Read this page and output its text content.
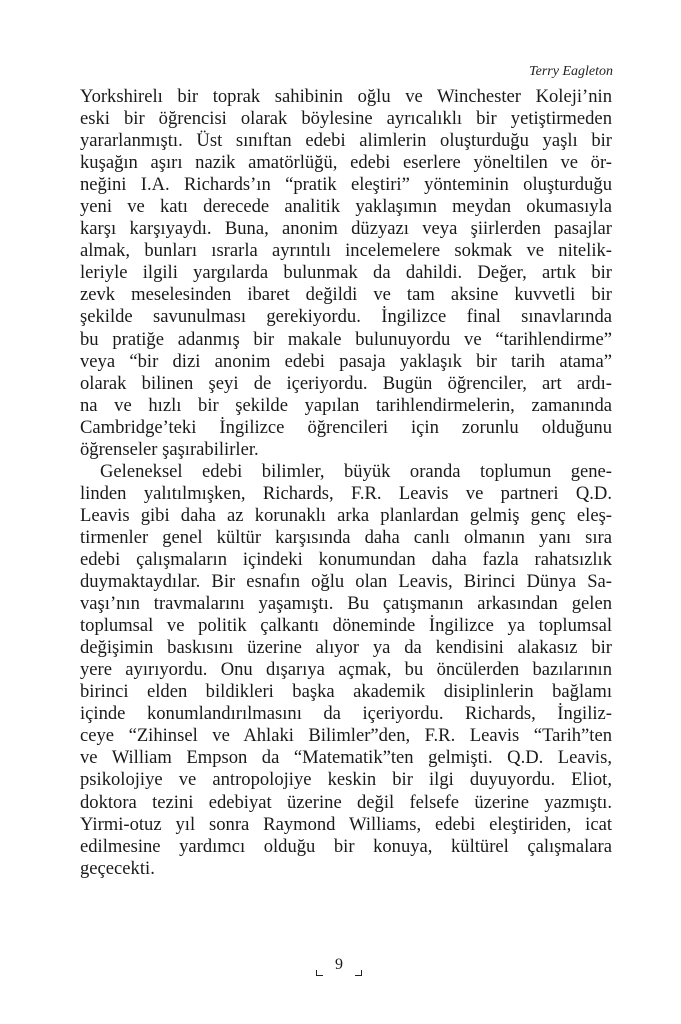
Terry Eagleton
Yorkshirelı bir toprak sahibinin oğlu ve Winchester Koleji’nin
eski bir öğrencisi olarak böylesine ayrıcalıklı bir yetiştirmeden
yararlanmıştı. Üst sınıftan edebi alimlerin oluşturduğu yaşlı bir
kuşağın aşırı nazik amatörlüğü, edebi eserlere yöneltilen ve ör-
neğini I.A. Richards’ın “pratik eleştiri” yönteminin oluşturduğu
yeni ve katı derecede analitik yaklaşımın meydan okumasıyla
karşı karşıyaydı. Buna, anonim düzyazı veya şiirlerden pasajlar
almak, bunları ısrarla ayrıntılı incelemelere sokmak ve nitelik-
leriyle ilgili yargılarda bulunmak da dahildi. Değer, artık bir
zevk meselesinden ibaret değildi ve tam aksine kuvvetli bir
şekilde savunulması gerekiyordu. İngilizce final sınavlarında
bu pratiğe adanmış bir makale bulunuyordu ve “tarihlendirme”
veya “bir dizi anonim edebi pasaja yaklaşık bir tarih atama”
olarak bilinen şeyi de içeriyordu. Bugün öğrenciler, art ardı-
na ve hızlı bir şekilde yapılan tarihlendirmelerin, zamanında
Cambridge’teki İngilizce öğrencileri için zorunlu olduğunu
öğrenseler şaşırabilirler.
Geleneksel edebi bilimler, büyük oranda toplumun gene-
linden yalıtılmışken, Richards, F.R. Leavis ve partneri Q.D.
Leavis gibi daha az korunaklı arka planlardan gelmiş genç eleş-
tirmenler genel kültür karşısında daha canlı olmanın yanı sıra
edebi çalışmaların içindeki konumundan daha fazla rahatsızlık
duymaktaydılar. Bir esnafın oğlu olan Leavis, Birinci Dünya Sa-
vaşı’nın travmalarını yaşamıştı. Bu çatışmanın arkasından gelen
toplumsal ve politik çalkantı döneminde İngilizce ya toplumsal
değişimin baskısını üzerine alıyor ya da kendisini alakasız bir
yere ayırıyordu. Onu dışarıya açmak, bu öncülerden bazılarının
birinci elden bildikleri başka akademik disiplinlerin bağlamı
içinde konumlandırılmasını da içeriyordu. Richards, İngiliz-
ceye “Zihinsel ve Ahlaki Bilimler”den, F.R. Leavis “Tarih”ten
ve William Empson da “Matematik”ten gelmişti. Q.D. Leavis,
psikolojiye ve antropolojiye keskin bir ilgi duyuyordu. Eliot,
doktora tezini edebiyat üzerine değil felsefe üzerine yazmıştı.
Yirmi-otuz yıl sonra Raymond Williams, edebi eleştiriden, icat
edilmesine yardımcı olduğu bir konuya, kültürel çalışmalara
geçecekti.
9
